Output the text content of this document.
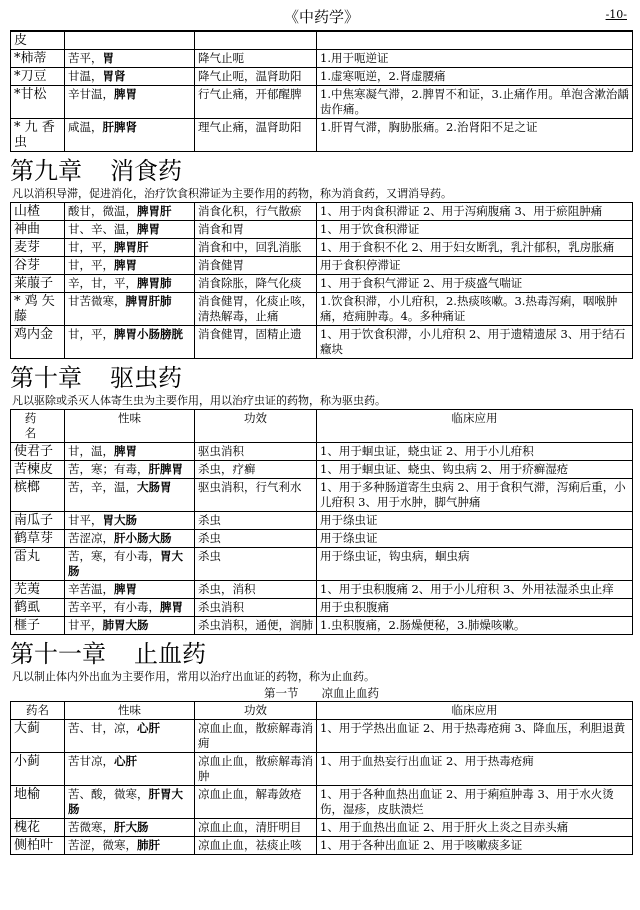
《中药学》	-10-
皮			
*柿蒂	苦平，胃	降气止呃	1.用于呃逆证
*刀豆	甘温，胃肾	降气止呃，温肾助阳	1.虚寒呃逆，2.肾虚腰痛
*甘松	辛甘温，脾胃	行气止痛，开郁醒脾	1.中焦寒凝气滞，2.脾胃不和证，3.止痛作用。单泡含漱治龋齿作痛。
* 九 香虫	咸温，肝脾肾	理气止痛，温肾助阳	1.肝胃气滞，胸胁胀痛。2.治肾阳不足之证
第九章 消食药
凡以消积导滞，促进消化，治疗饮食积滞证为主要作用的药物，称为消食药，又谓消导药。
山楂	酸甘，微温，脾胃肝	消食化积，行气散瘀	1、用于肉食积滞证 2、用于泻痢腹痛 3、用于瘀阻肿痛
神曲	甘、辛、温，脾胃	消食和胃	1、用于饮食积滞证
麦芽	甘，平，脾胃肝	消食和中，回乳消胀	1、用于食积不化 2、用于妇女断乳，乳汁郁积，乳房胀痛
谷芽	甘，平，脾胃	消食健胃	用于食积停滞证
莱菔子	辛，甘，平，脾胃肺	消食除胀，降气化痰	1、用于食积气滞证 2、用于痰盛气喘证
* 鸡 矢 藤	甘苦微寒，脾胃肝肺	消食健胃，化痰止咳，清热解毒，止痛	1.饮食积滞，小儿疳积，2.热痰咳嗽。3.热毒泻痢，咽喉肿痛，疮痈肿毒。4。多种痛证
鸡内金	甘，平，脾胃小肠膀胱	消食健胃，固精止遗	1、用于饮食积滞，小儿疳积 2、用于遗精遗尿 3、用于结石癥块
第十章 驱虫药
凡以驱除或杀灭人体寄生虫为主要作用，用以治疗虫证的药物，称为驱虫药。
药名	性味	功效	临床应用
使君子	甘，温，脾胃	驱虫消积	1、用于蛔虫证，蛲虫证 2、用于小儿疳积
苦楝皮	苦，寒；有毒，肝脾胃	杀虫，疗癣	1、用于蛔虫证、蛲虫、钩虫病 2、用于疥癣湿疮
槟榔	苦，辛，温，大肠胃	驱虫消积，行气利水	1、用于多种肠道寄生虫病 2、用于食积气滞，泻痢后重，小儿疳积 3、用于水肿，脚气肿痛
南瓜子	甘平，胃大肠	杀虫	用于绦虫证
鹤草芽	苦涩凉，肝小肠大肠	杀虫	用于绦虫证
雷丸	苦，寒，有小毒，胃大肠	杀虫	用于绦虫证，钩虫病，蛔虫病
芜荑	辛苦温，脾胃	杀虫，消积	1、用于虫积腹痛 2、用于小儿疳积 3、外用祛湿杀虫止痒
鹤虱	苦辛平，有小毒，脾胃	杀虫消积	用于虫积腹痛
榧子	甘平，肺胃大肠	杀虫消积，通便，润肺	1.虫积腹痛，2.肠燥便秘，3.肺燥咳嗽。
第十一章 止血药
凡以制止体内外出血为主要作用，常用以治疗出血证的药物，称为止血药。
第一节　　凉血止血药
药名	性味	功效	临床应用
大蓟	苦、甘，凉，心肝	凉血止血，散瘀解毒消痈	1、用于学热出血证 2、用于热毒疮痈 3、降血压，利胆退黄
小蓟	苦甘凉，心肝	凉血止血，散瘀解毒消肿	1、用于血热妄行出血证 2、用于热毒疮痈
地榆	苦、酸，微寒，肝胃大肠	凉血止血，解毒敛疮	1、用于各种血热出血证 2、用于痢疸肿毒 3、用于水火烫伤，湿疹，皮肤溃烂
槐花	苦微寒，肝大肠	凉血止血，清肝明目	1、用于血热出血证 2、用于肝火上炎之目赤头痛
侧柏叶	苦涩，微寒，肺肝	凉血止血，祛痰止咳	1、用于各种出血证 2、用于咳嗽痰多证
